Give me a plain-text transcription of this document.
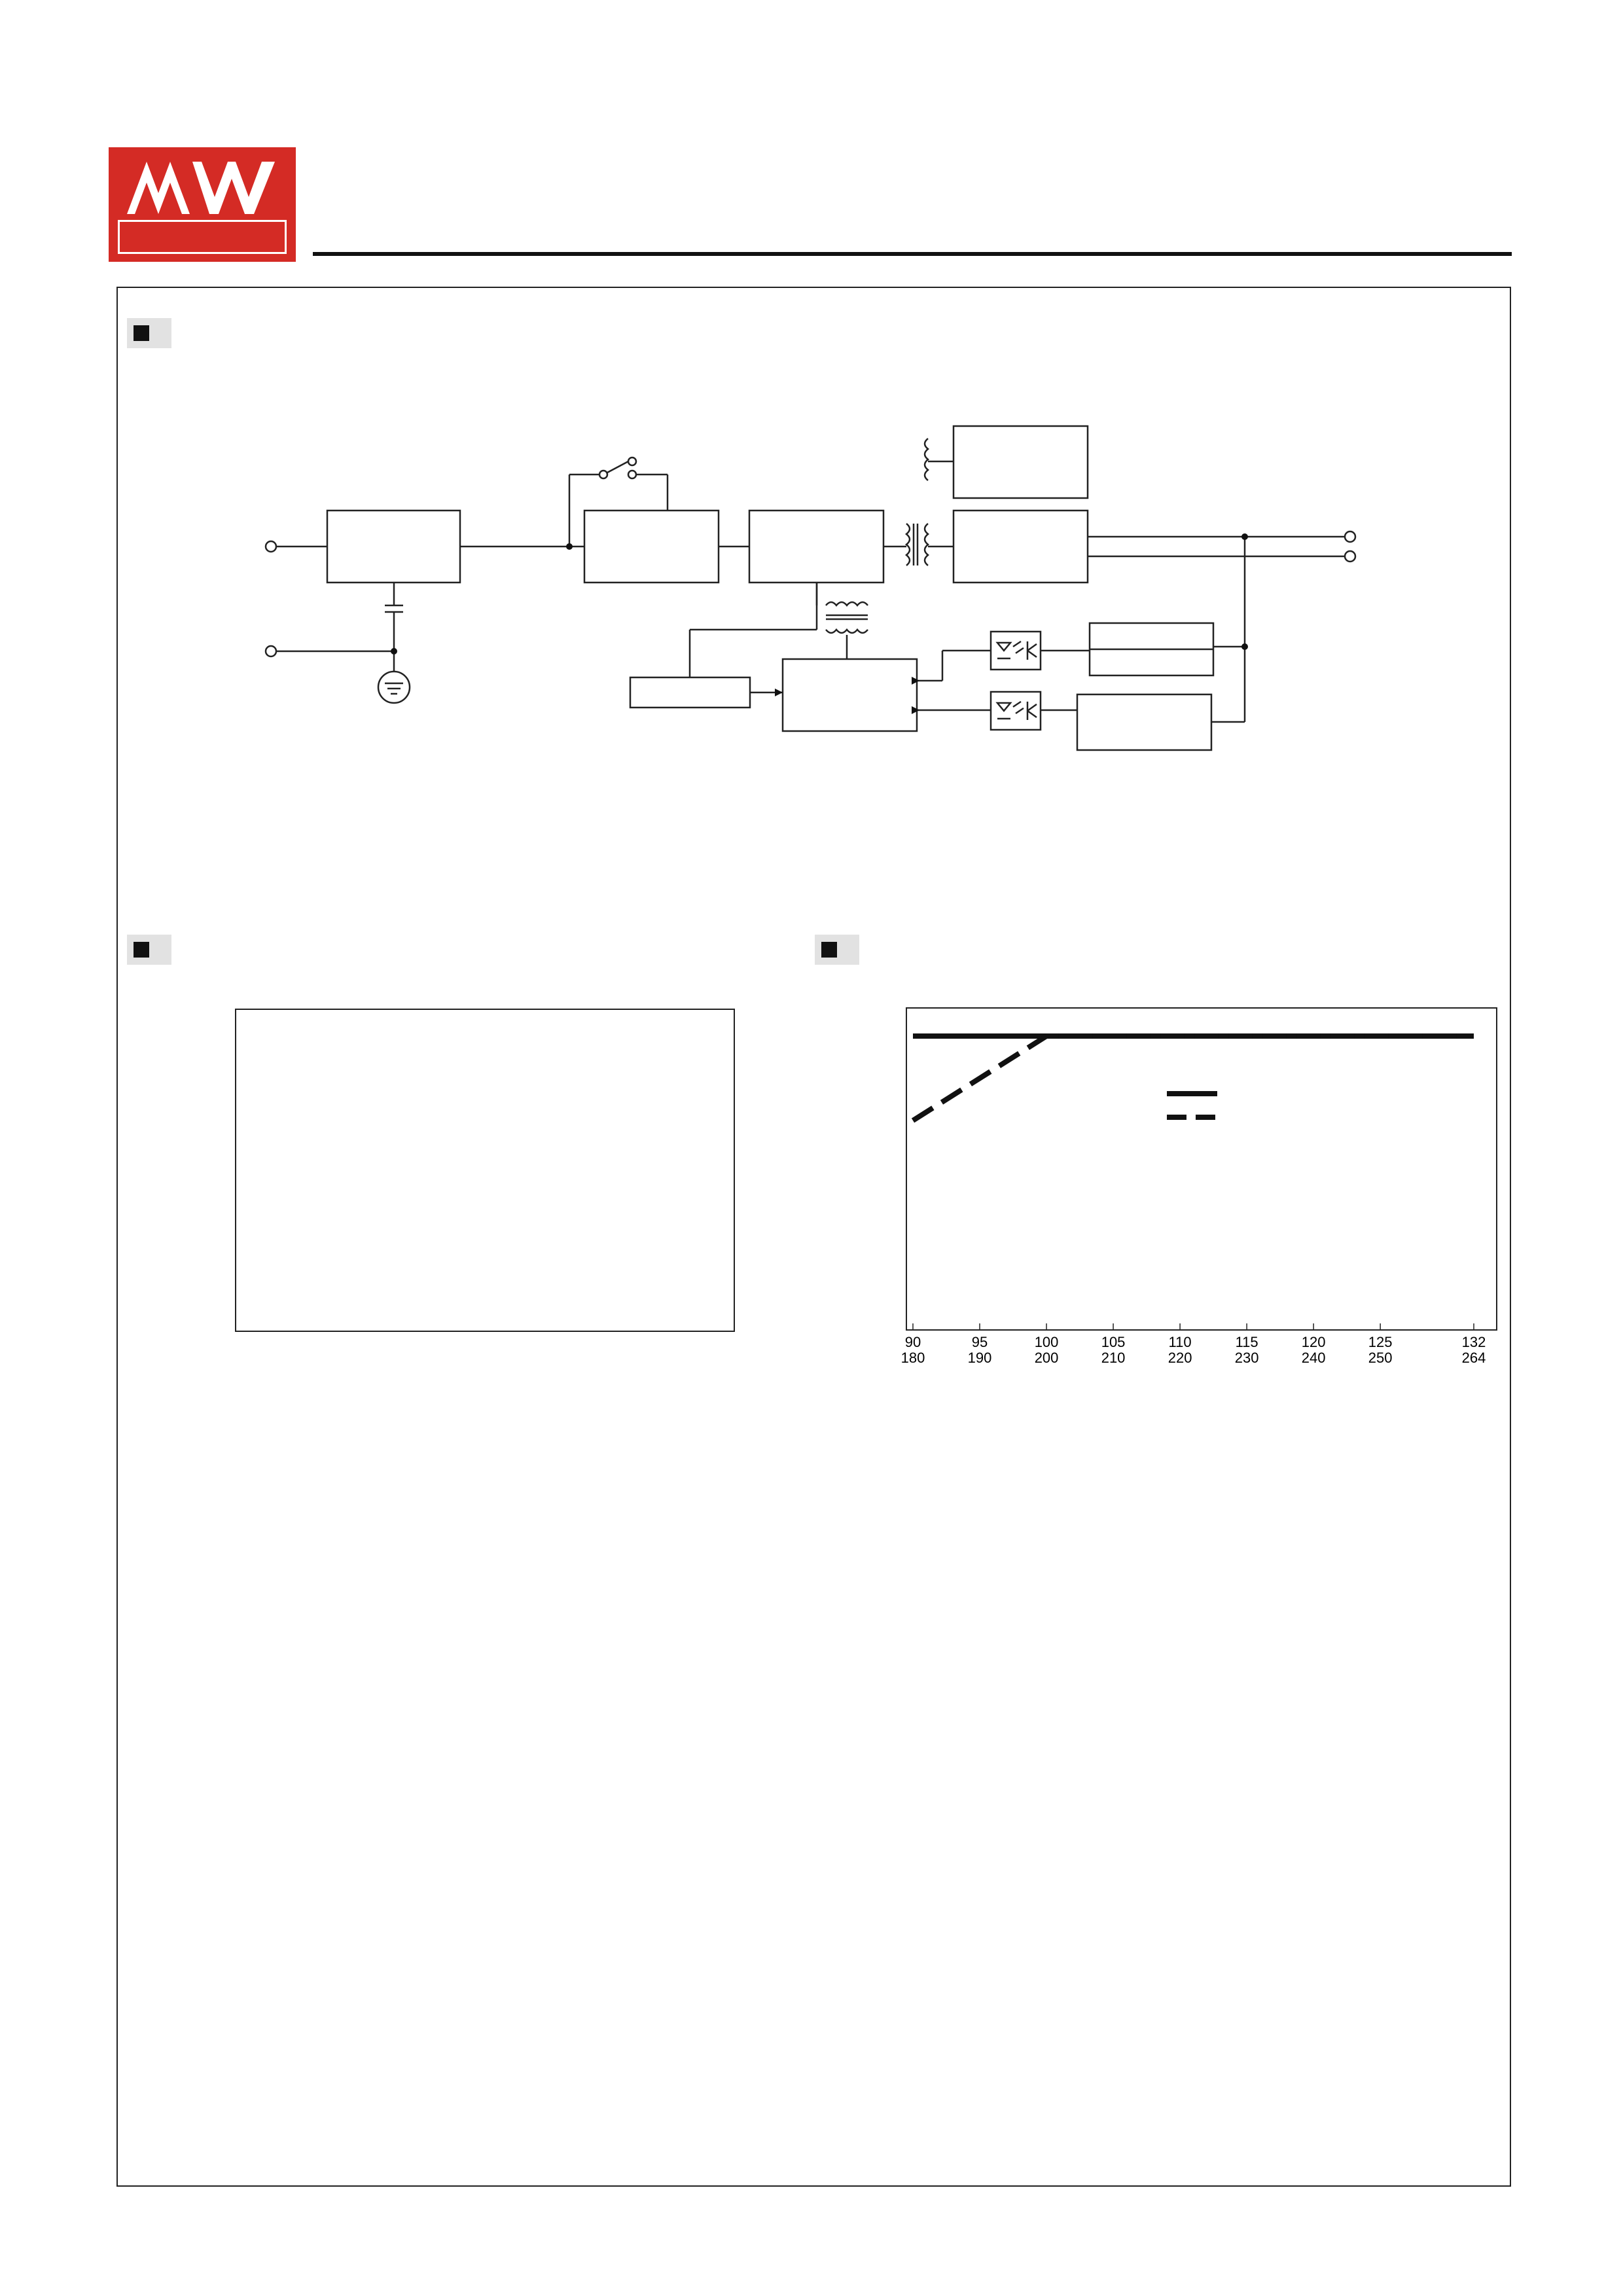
90
180
95
190
100
200
105
210
110
220
115
230
120
240
125
250
132
264
